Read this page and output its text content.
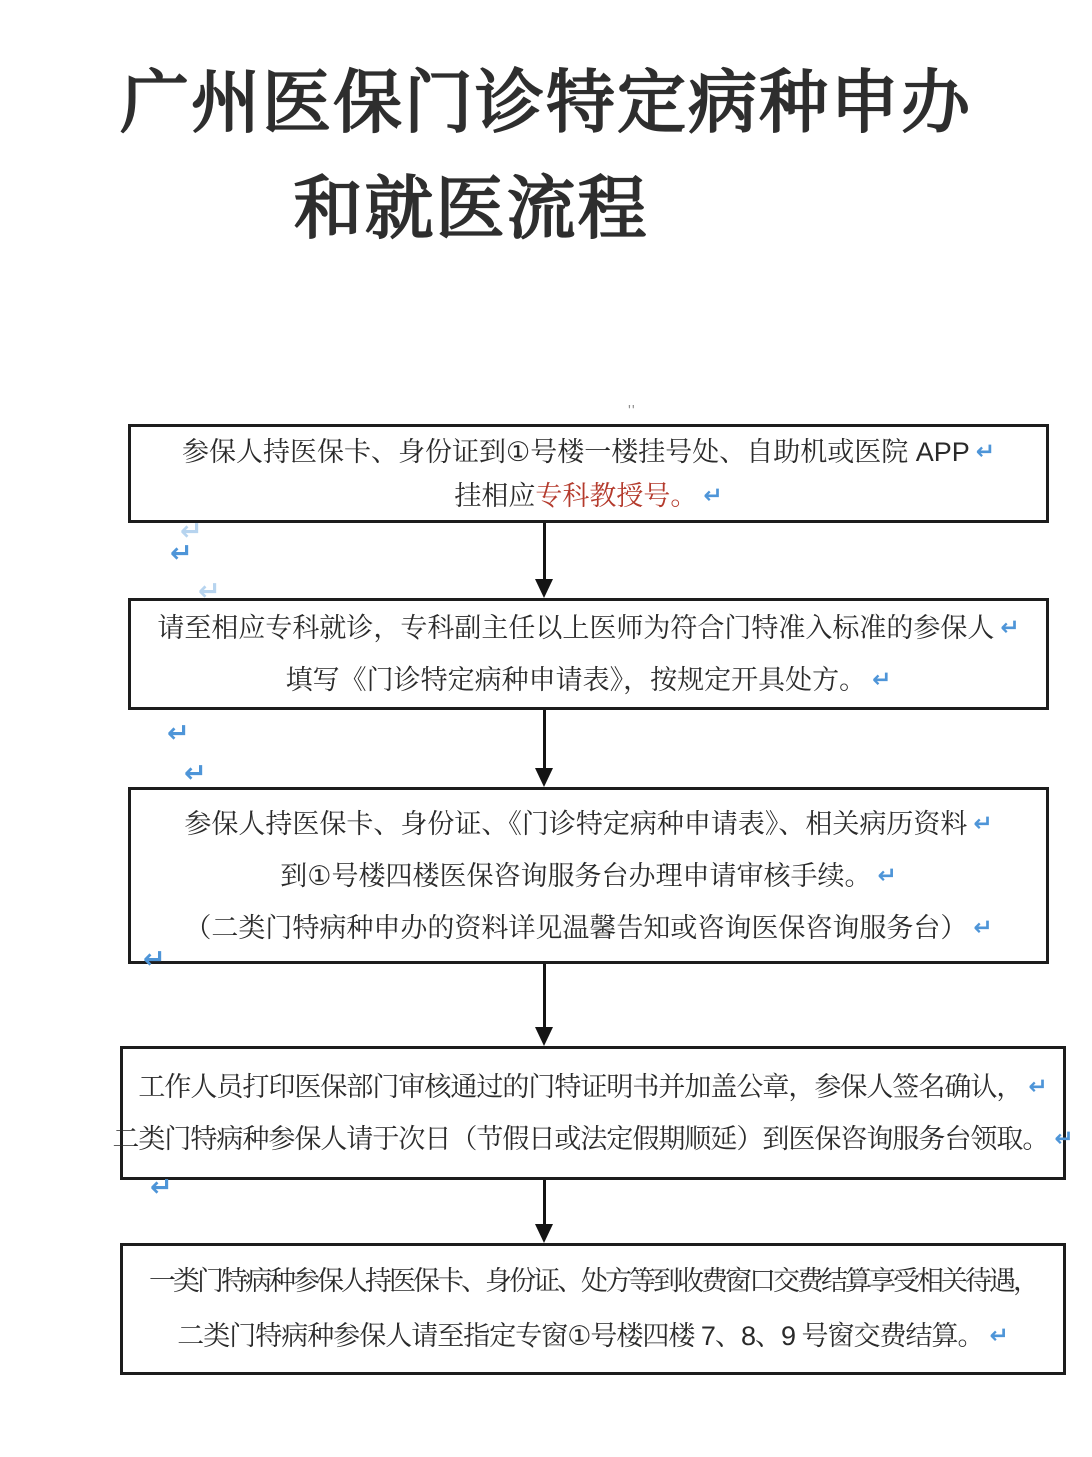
广州医保门诊特定病种申办
和就医流程
''
参保人持医保卡、身份证到①号楼一楼挂号处、自助机或医院 APP ↵
挂相应专科教授号。 ↵
请至相应专科就诊，专科副主任以上医师为符合门特准入标准的参保人 ↵
填写《门诊特定病种申请表》，按规定开具处方。 ↵
参保人持医保卡、身份证、《门诊特定病种申请表》、相关病历资料 ↵
到①号楼四楼医保咨询服务台办理申请审核手续。 ↵
（二类门特病种申办的资料详见温馨告知或咨询医保咨询服务台） ↵
工作人员打印医保部门审核通过的门特证明书并加盖公章，参保人签名确认， ↵
二类门特病种参保人请于次日（节假日或法定假期顺延）到医保咨询服务台领取。 ↵
一类门特病种参保人持医保卡、身份证、处方等到收费窗口交费结算享受相关待遇，
二类门特病种参保人请至指定专窗①号楼四楼 7、8、9 号窗交费结算。 ↵
↵
↵
↵
↵
↵
↵
↵
